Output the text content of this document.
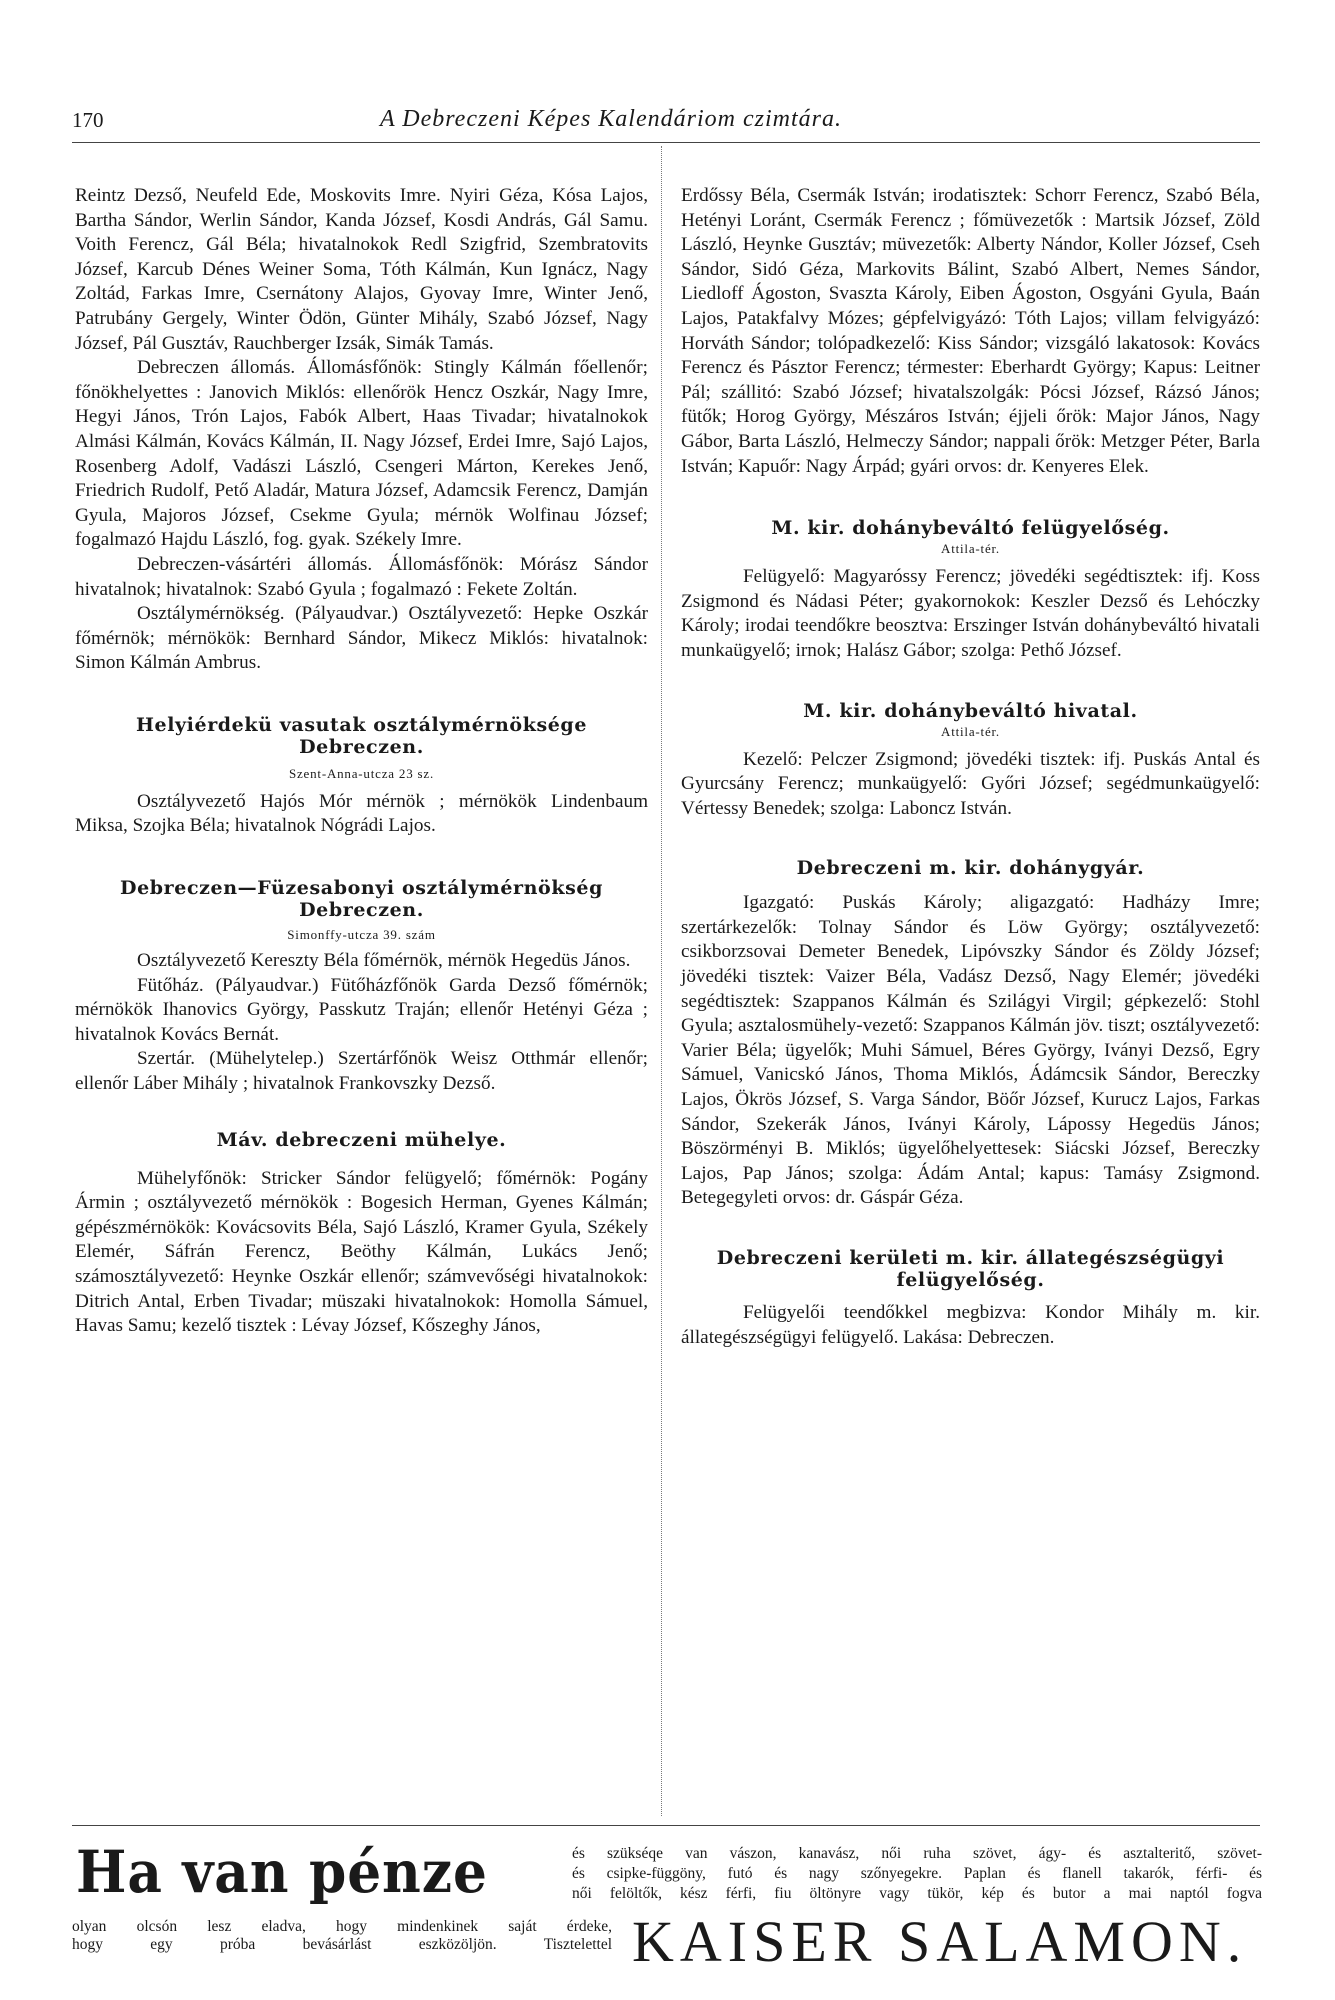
170	A Debreczeni Képes Kalendáriom czimtára.

Reintz Dezső, Neufeld Ede, Moskovits Imre. Nyiri Géza, Kósa Lajos, Bartha Sándor, Werlin Sándor, Kanda József, Kosdi András, Gál Samu. Voith Ferencz, Gál Béla; hivatalnokok Redl Szigfrid, Szembratovits József, Karcub Dénes Weiner Soma, Tóth Kálmán, Kun Ignácz, Nagy Zoltád, Farkas Imre, Csernátony Alajos, Gyovay Imre, Winter Jenő, Patrubány Gergely, Winter Ödön, Günter Mihály, Szabó József, Nagy József, Pál Gusztáv, Rauchberger Izsák, Simák Tamás.

Debreczen állomás. Állomásfőnök: Stingly Kálmán főellenőr; főnökhelyettes : Janovich Miklós: ellenőrök Hencz Oszkár, Nagy Imre, Hegyi János, Trón Lajos, Fabók Albert, Haas Tivadar; hivatalnokok Almási Kálmán, Kovács Kálmán, II. Nagy József, Erdei Imre, Sajó Lajos, Rosenberg Adolf, Vadászi László, Csengeri Márton, Kerekes Jenő, Friedrich Rudolf, Pető Aladár, Matura József, Adamcsik Ferencz, Damján Gyula, Majoros József, Csekme Gyula; mérnök Wolfinau József; fogalmazó Hajdu László, fog. gyak. Székely Imre.

Debreczen-vásártéri állomás. Állomásfőnök: Mórász Sándor hivatalnok; hivatalnok: Szabó Gyula ; fogalmazó : Fekete Zoltán.

Osztálymérnökség. (Pályaudvar.) Osztályvezető: Hepke Oszkár főmérnök; mérnökök: Bernhard Sándor, Mikecz Miklós: hivatalnok: Simon Kálmán Ambrus.

Helyiérdekü vasutak osztálymérnöksége Debreczen.

Szent-Anna-utcza 23 sz.

Osztályvezető Hajós Mór mérnök ; mérnökök Lindenbaum Miksa, Szojka Béla; hivatalnok Nógrádi Lajos.

Debreczen—Füzesabonyi osztálymérnökség Debreczen.

Simonffy-utcza 39. szám

Osztályvezető Kereszty Béla főmérnök, mérnök Hegedüs János.

Fütőház. (Pályaudvar.) Fütőházfőnök Garda Dezső főmérnök; mérnökök Ihanovics György, Passkutz Traján; ellenőr Hetényi Géza ; hivatalnok Kovács Bernát.

Szertár. (Mühelytelep.) Szertárfőnök Weisz Otthmár ellenőr; ellenőr Láber Mihály ; hivatalnok Frankovszky Dezső.

Máv. debreczeni mühelye.

Mühelyfőnök: Stricker Sándor felügyelő; főmérnök: Pogány Ármin ; osztályvezető mérnökök : Bogesich Herman, Gyenes Kálmán; gépészmérnökök: Kovácsovits Béla, Sajó László, Kramer Gyula, Székely Elemér, Sáfrán Ferencz, Beöthy Kálmán, Lukács Jenő; számosztályvezető: Heynke Oszkár ellenőr; számvevőségi hivatalnokok: Ditrich Antal, Erben Tivadar; müszaki hivatalnokok: Homolla Sámuel, Havas Samu; kezelő tisztek : Lévay József, Kőszeghy János,

Erdőssy Béla, Csermák István; irodatisztek: Schorr Ferencz, Szabó Béla, Hetényi Loránt, Csermák Ferencz ; főmüvezetők : Martsik József, Zöld László, Heynke Gusztáv; müvezetők: Alberty Nándor, Koller József, Cseh Sándor, Sidó Géza, Markovits Bálint, Szabó Albert, Nemes Sándor, Liedloff Ágoston, Svaszta Károly, Eiben Ágoston, Osgyáni Gyula, Baán Lajos, Patakfalvy Mózes; gépfelvigyázó: Tóth Lajos; villam felvigyázó: Horváth Sándor; tolópadkezelő: Kiss Sándor; vizsgáló lakatosok: Kovács Ferencz és Pásztor Ferencz; térmester: Eberhardt György; Kapus: Leitner Pál; szállitó: Szabó József; hivatalszolgák: Pócsi József, Rázsó János; fütők; Horog György, Mészáros István; éjjeli őrök: Major János, Nagy Gábor, Barta László, Helmeczy Sándor; nappali őrök: Metzger Péter, Barla István; Kapuőr: Nagy Árpád; gyári orvos: dr. Kenyeres Elek.

M. kir. dohánybeváltó felügyelőség.

Attila-tér.

Felügyelő: Magyaróssy Ferencz; jövedéki segédtisztek: ifj. Koss Zsigmond és Nádasi Péter; gyakornokok: Keszler Dezső és Lehóczky Károly; irodai teendőkre beosztva: Erszinger István dohánybeváltó hivatali munkaügyelő; irnok; Halász Gábor; szolga: Pethő József.

M. kir. dohánybeváltó hivatal.

Attila-tér.

Kezelő: Pelczer Zsigmond; jövedéki tisztek: ifj. Puskás Antal és Gyurcsány Ferencz; munkaügyelő: Győri József; segédmunkaügyelő: Vértessy Benedek; szolga: Laboncz István.

Debreczeni m. kir. dohánygyár.

Igazgató: Puskás Károly; aligazgató: Hadházy Imre; szertárkezelők: Tolnay Sándor és Löw György; osztályvezető: csikborzsovai Demeter Benedek, Lipóvszky Sándor és Zöldy József; jövedéki tisztek: Vaizer Béla, Vadász Dezső, Nagy Elemér; jövedéki segédtisztek: Szappanos Kálmán és Szilágyi Virgil; gépkezelő: Stohl Gyula; asztalosmühely-vezető: Szappanos Kálmán jöv. tiszt; osztályvezető: Varier Béla; ügyelők; Muhi Sámuel, Béres György, Iványi Dezső, Egry Sámuel, Vanicskó János, Thoma Miklós, Ádámcsik Sándor, Bereczky Lajos, Ökrös József, S. Varga Sándor, Böőr József, Kurucz Lajos, Farkas Sándor, Szekerák János, Iványi Károly, Lápossy Hegedüs János; Böszörményi B. Miklós; ügyelőhelyettesek: Siácski József, Bereczky Lajos, Pap János; szolga: Ádám Antal; kapus: Tamásy Zsigmond. Betegegyleti orvos: dr. Gáspár Géza.

Debreczeni kerületi m. kir. állategészségügyi felügyelőség.

Felügyelői teendőkkel megbizva: Kondor Mihály m. kir. állategészségügyi felügyelő. Lakása: Debreczen.

Ha van pénze	és szükséqe van vászon, kanavász, női ruha szövet, ágy- és asztalteritő, szövet-
és csipke-függöny, futó és nagy szőnyegekre. Paplan és flanell takarók, férfi- és
női felöltők, kész férfi, fiu öltönyre vagy tükör, kép és butor a mai naptól fogva
olyan olcsón lesz eladva, hogy mindenkinek saját érdeke,
hogy egy próba bevásárlást eszközöljön. Tisztelettel KAISER SALAMON.
